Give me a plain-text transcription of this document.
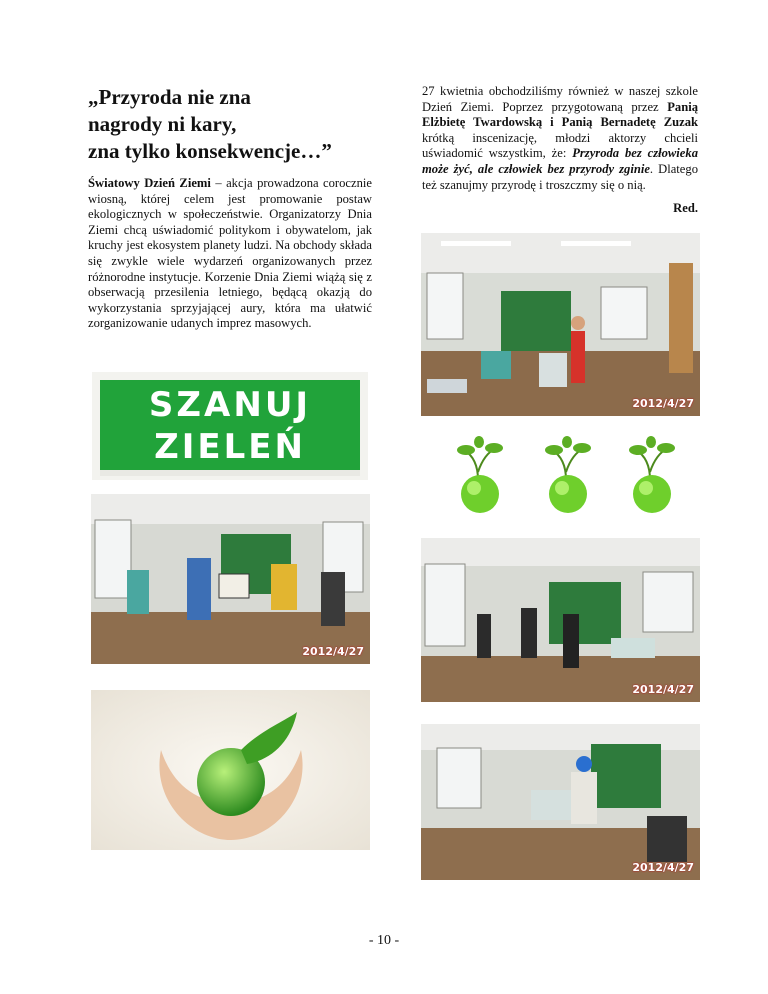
„Przyroda nie zna
nagrody ni kary,
zna tylko konsekwencje…”
Światowy Dzień Ziemi – akcja prowadzona corocznie wiosną, której celem jest promowanie postaw ekologicznych w społeczeństwie. Organizatorzy Dnia Ziemi chcą uświadomić politykom i obywatelom, jak kruchy jest ekosystem planety ludzi. Na obchody składa się zwykle wiele wydarzeń organizowanych przez różnorodne instytucje. Korzenie Dnia Ziemi wiążą się z obserwacją przesilenia letniego, będącą okazją do wykorzystania sprzyjającej aury, która ma ułatwić zorganizowanie udanych imprez masowych.
27 kwietnia obchodziliśmy również w naszej szkole Dzień Ziemi. Poprzez przygotowaną przez Panią Elżbietę Twardowską i Panią Bernadetę Zuzak krótką inscenizację, młodzi aktorzy chcieli uświadomić wszystkim, że: Przyroda bez człowieka może żyć, ale człowiek bez przyrody zginie. Dlatego też szanujmy przyrodę i troszczmy się o nią.
Red.
SZANUJ
ZIELEŃ
2012/4/27
2012/4/27
2012/4/27
2012/4/27
- 10 -
